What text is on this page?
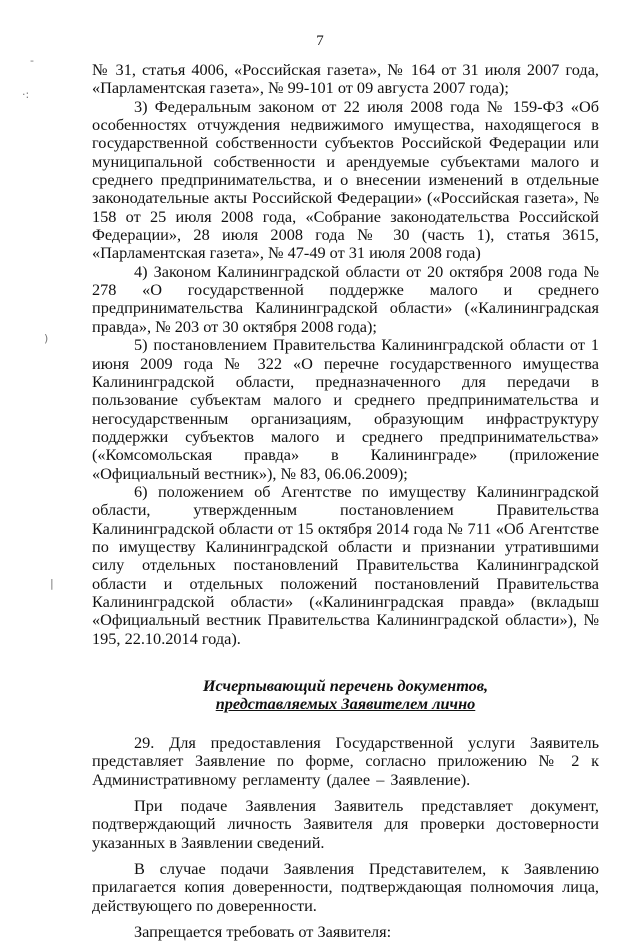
7
-
·:
)
|

№ 31, статья 4006, «Российская газета», № 164 от 31 июля 2007 года, «Парламентская газета», № 99-101 от 09 августа 2007 года);

3) Федеральным законом от 22 июля 2008 года № 159-ФЗ «Об особенностях отчуждения недвижимого имущества, находящегося в государственной собственности субъектов Российской Федерации или муниципальной собственности и арендуемые субъектами малого и среднего предпринимательства, и о внесении изменений в отдельные законодательные акты Российской Федерации» («Российская газета», № 158 от 25 июля 2008 года, «Собрание законодательства Российской Федерации», 28 июля 2008 года № 30 (часть 1), статья 3615, «Парламентская газета», № 47-49 от 31 июля 2008 года)

4) Законом Калининградской области от 20 октября 2008 года № 278 «О государственной поддержке малого и среднего предпринимательства Калининградской области» («Калининградская правда», № 203 от 30 октября 2008 года);

5) постановлением Правительства Калининградской области от 1 июня 2009 года № 322 «О перечне государственного имущества Калининградской области, предназначенного для передачи в пользование субъектам малого и среднего предпринимательства и негосударственным организациям, образующим инфраструктуру поддержки субъектов малого и среднего предпринимательства» («Комсомольская правда» в Калининграде» (приложение «Официальный вестник»), № 83, 06.06.2009);

6) положением об Агентстве по имуществу Калининградской области, утвержденным постановлением Правительства Калининградской области от 15 октября 2014 года № 711 «Об Агентстве по имуществу Калининградской области и признании утратившими силу отдельных постановлений Правительства Калининградской области и отдельных положений постановлений Правительства Калининградской области» («Калининградская правда» (вкладыш «Официальный вестник Правительства Калининградской области»), № 195, 22.10.2014 года).

Исчерпывающий перечень документов,
представляемых Заявителем лично

29. Для предоставления Государственной услуги Заявитель представляет Заявление по форме, согласно приложению № 2 к Административному регламенту (далее – Заявление).

При подаче Заявления Заявитель представляет документ, подтверждающий личность Заявителя для проверки достоверности указанных в Заявлении сведений.

В случае подачи Заявления Представителем, к Заявлению прилагается копия доверенности, подтверждающая полномочия лица, действующего по доверенности.

Запрещается требовать от Заявителя:
